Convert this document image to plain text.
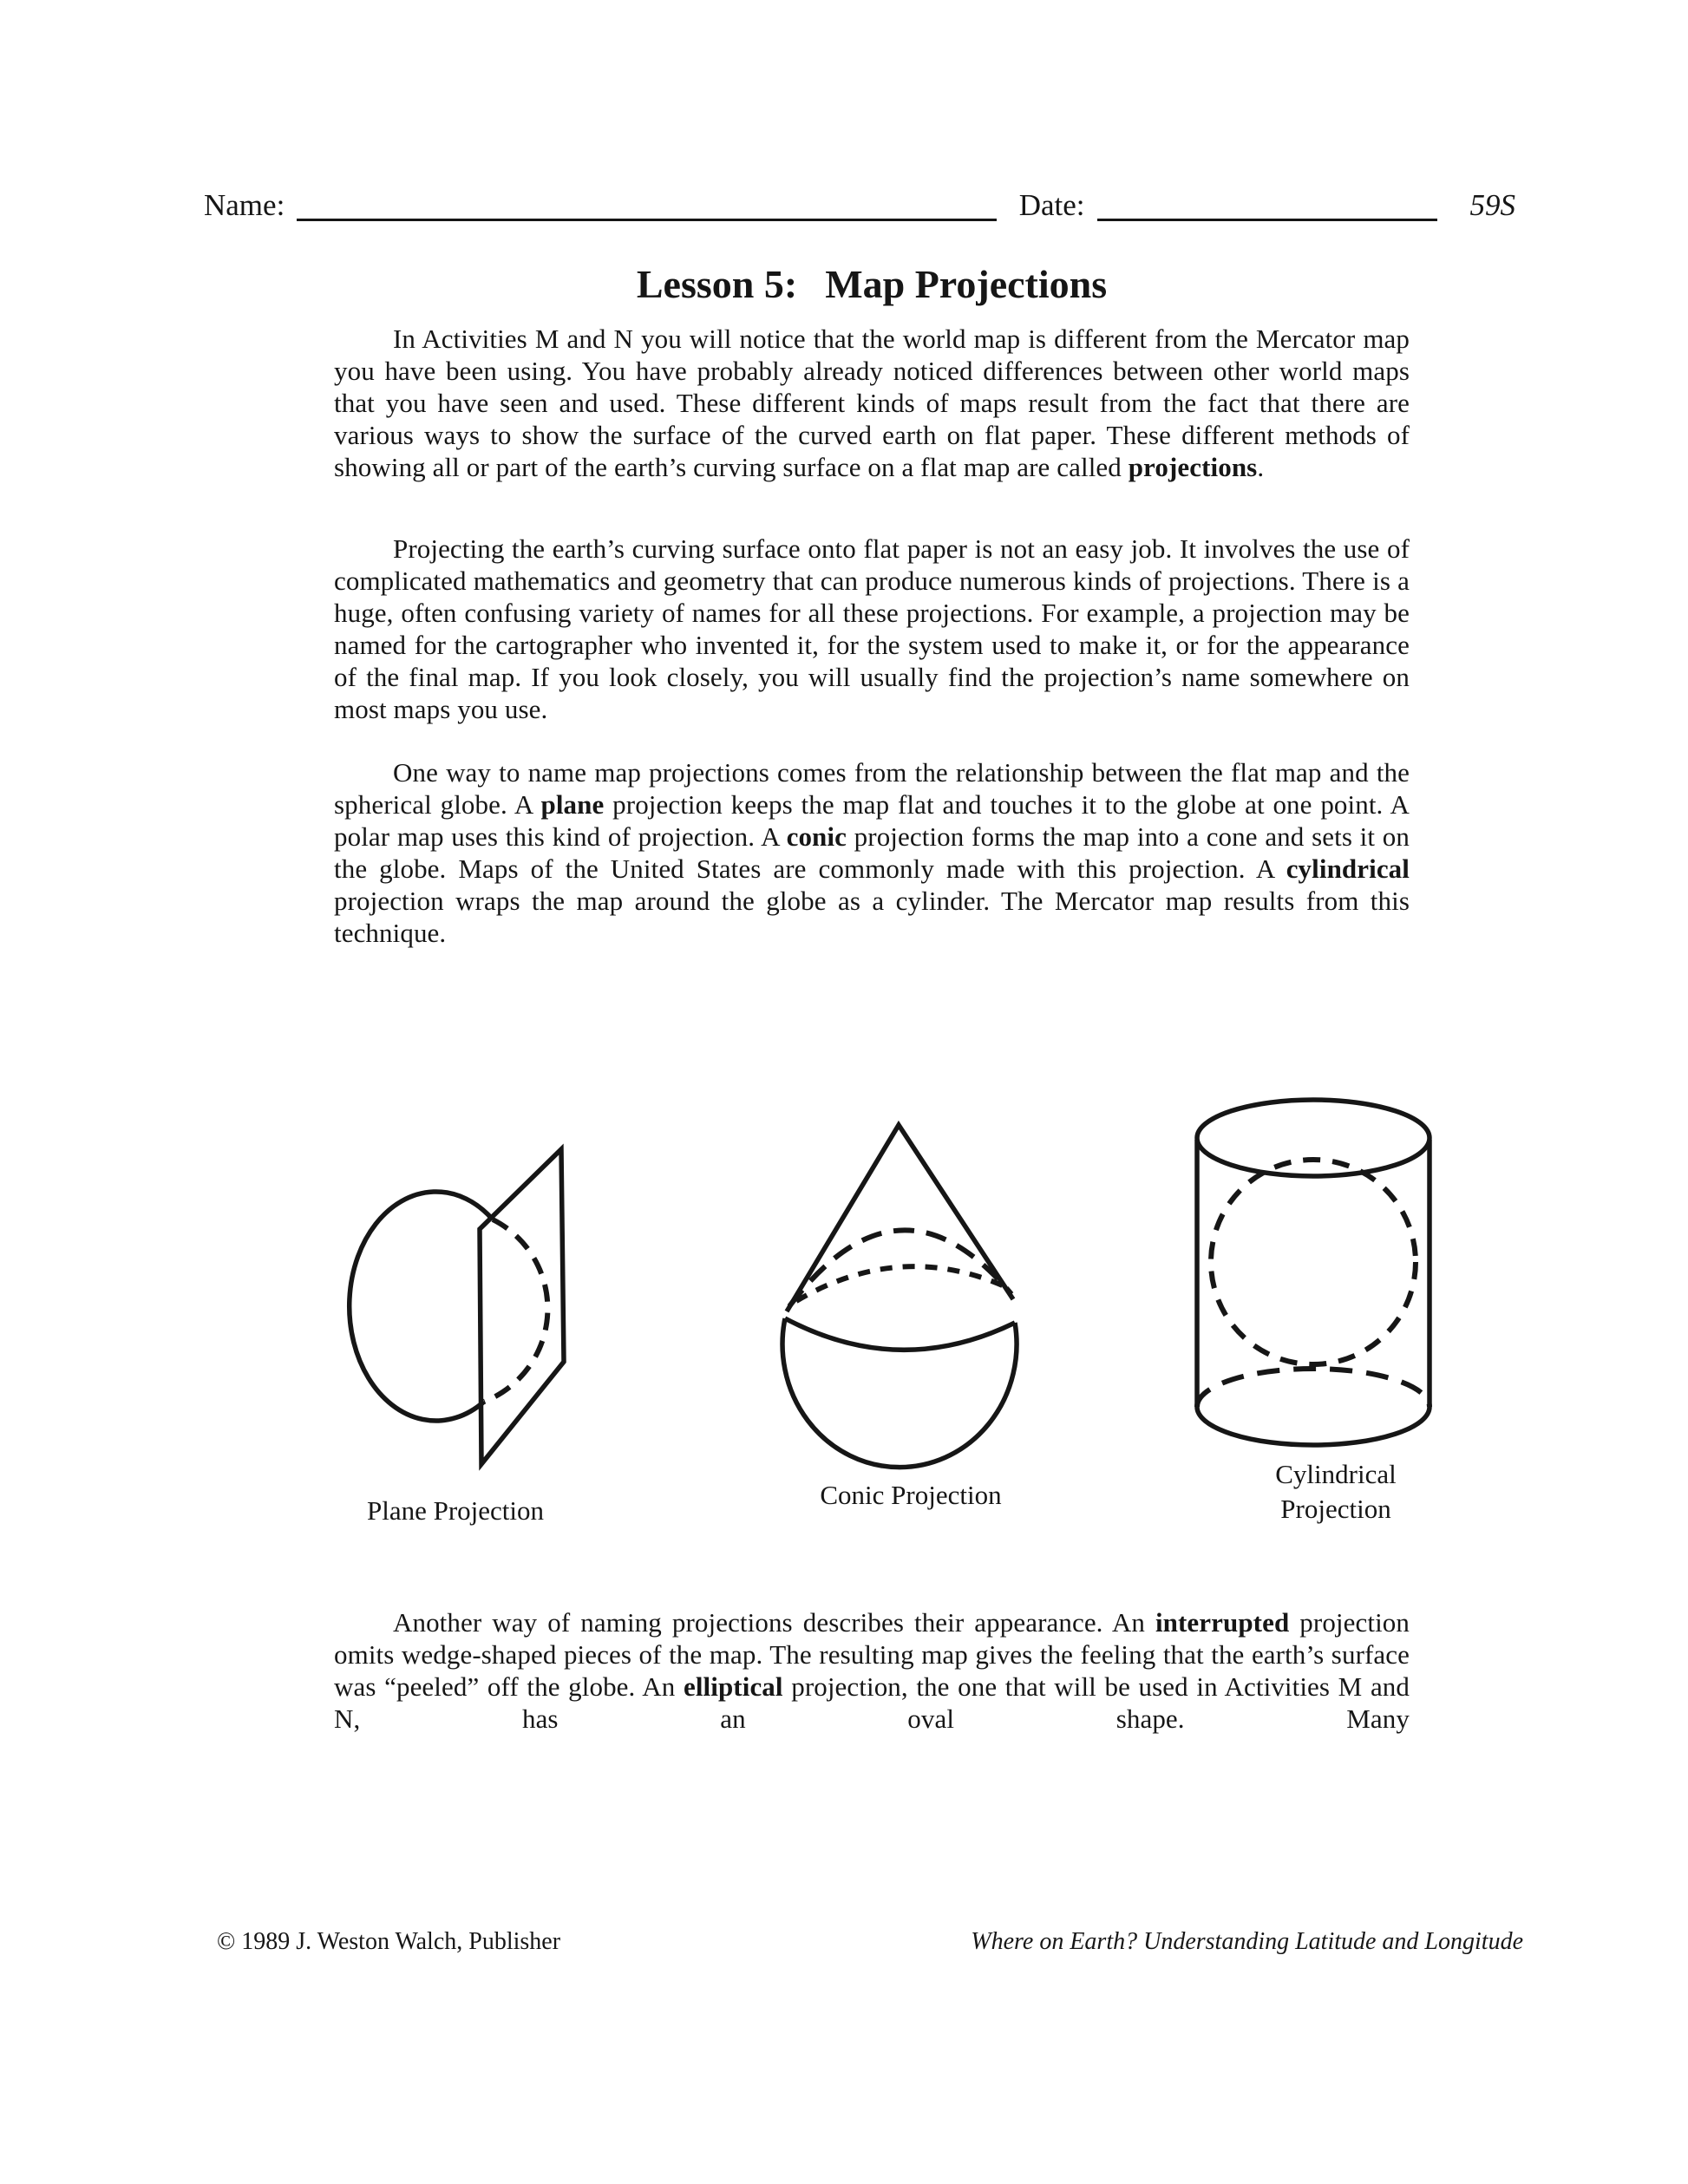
Name:	Date:	59S
Lesson 5: Map Projections

In Activities M and N you will notice that the world map is different from the Mercator map you have been using. You have probably already noticed differences between other world maps that you have seen and used. These different kinds of maps result from the fact that there are various ways to show the surface of the curved earth on flat paper. These different methods of showing all or part of the earth’s curving surface on a flat map are called projections.

Projecting the earth’s curving surface onto flat paper is not an easy job. It involves the use of complicated mathematics and geometry that can produce numerous kinds of projections. There is a huge, often confusing variety of names for all these projections. For example, a projection may be named for the cartographer who invented it, for the system used to make it, or for the appearance of the final map. If you look closely, you will usually find the projection’s name somewhere on most maps you use.

One way to name map projections comes from the relationship between the flat map and the spherical globe. A plane projection keeps the map flat and touches it to the globe at one point. A polar map uses this kind of projection. A conic projection forms the map into a cone and sets it on the globe. Maps of the United States are commonly made with this projection. A cylindrical projection wraps the map around the globe as a cylinder. The Mercator map results from this technique.

Plane Projection
Conic Projection
Cylindrical Projection

Another way of naming projections describes their appearance. An interrupted projection omits wedge-shaped pieces of the map. The resulting map gives the feeling that the earth’s surface was “peeled” off the globe. An elliptical projection, the one that will be used in Activities M and N, has an oval shape. Many

© 1989 J. Weston Walch, Publisher	Where on Earth? Understanding Latitude and Longitude
